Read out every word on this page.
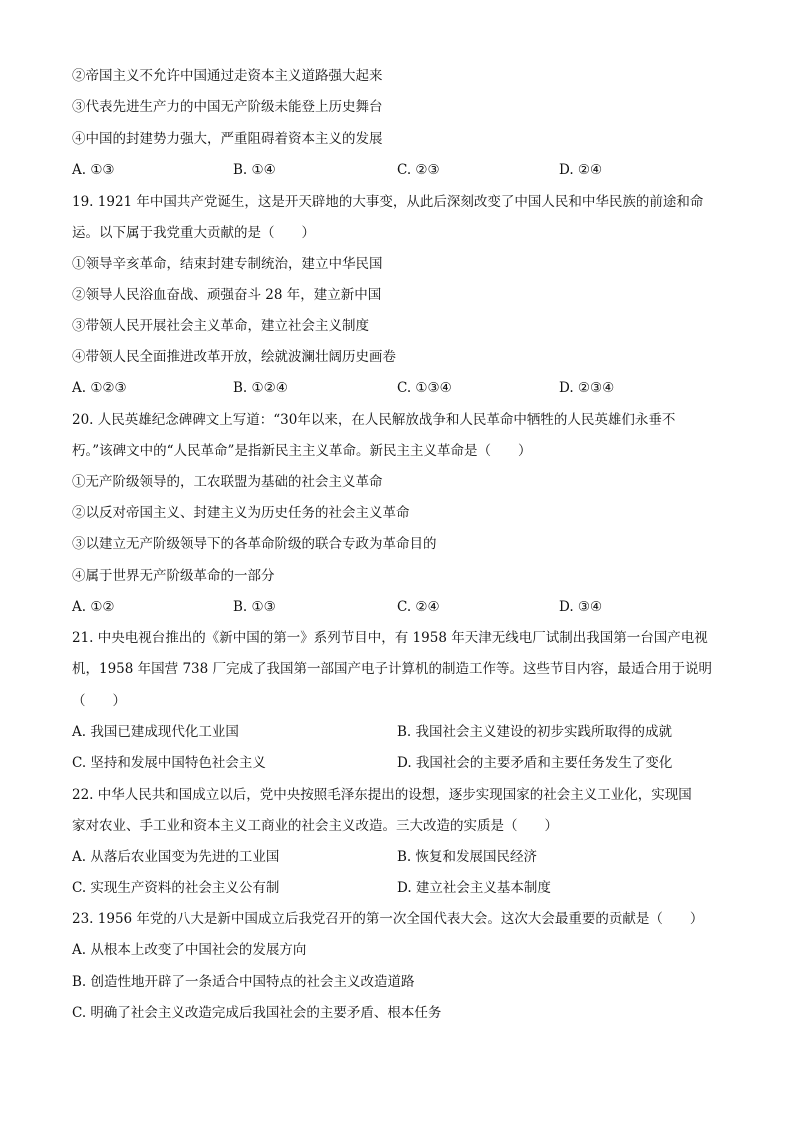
②帝国主义不允许中国通过走资本主义道路强大起来
③代表先进生产力的中国无产阶级未能登上历史舞台
④中国的封建势力强大，严重阻碍着资本主义的发展
A. ①③	B. ①④	C. ②③	D. ②④
19. 1921 年中国共产党诞生，这是开天辟地的大事变，从此后深刻改变了中国人民和中华民族的前途和命
运。以下属于我党重大贡献的是（　　）
①领导辛亥革命，结束封建专制统治，建立中华民国
②领导人民浴血奋战、顽强奋斗 28 年，建立新中国
③带领人民开展社会主义革命，建立社会主义制度
④带领人民全面推进改革开放，绘就波澜壮阔历史画卷
A. ①②③	B. ①②④	C. ①③④	D. ②③④
20. 人民英雄纪念碑碑文上写道：“30年以来，在人民解放战争和人民革命中牺牲的人民英雄们永垂不
朽。”该碑文中的“人民革命”是指新民主主义革命。新民主主义革命是（　　）
①无产阶级领导的，工农联盟为基础的社会主义革命
②以反对帝国主义、封建主义为历史任务的社会主义革命
③以建立无产阶级领导下的各革命阶级的联合专政为革命目的
④属于世界无产阶级革命的一部分
A. ①②	B. ①③	C. ②④	D. ③④
21. 中央电视台推出的《新中国的第一》系列节目中，有 1958 年天津无线电厂试制出我国第一台国产电视
机，1958 年国营 738 厂完成了我国第一部国产电子计算机的制造工作等。这些节目内容，最适合用于说明
（　　）
A. 我国已建成现代化工业国	B. 我国社会主义建设的初步实践所取得的成就
C. 坚持和发展中国特色社会主义	D. 我国社会的主要矛盾和主要任务发生了变化
22. 中华人民共和国成立以后，党中央按照毛泽东提出的设想，逐步实现国家的社会主义工业化，实现国
家对农业、手工业和资本主义工商业的社会主义改造。三大改造的实质是（　　）
A. 从落后农业国变为先进的工业国	B. 恢复和发展国民经济
C. 实现生产资料的社会主义公有制	D. 建立社会主义基本制度
23. 1956 年党的八大是新中国成立后我党召开的第一次全国代表大会。这次大会最重要的贡献是（　　）
A. 从根本上改变了中国社会的发展方向
B. 创造性地开辟了一条适合中国特点的社会主义改造道路
C. 明确了社会主义改造完成后我国社会的主要矛盾、根本任务
